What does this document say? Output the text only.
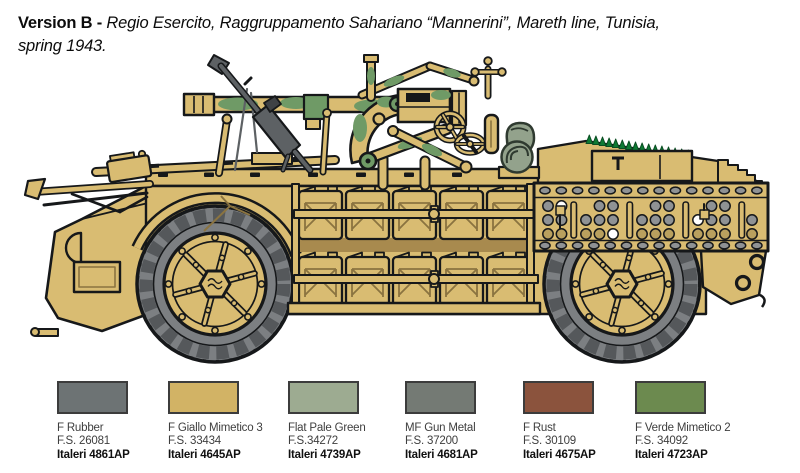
Version B - Regio Esercito, Raggruppamento Sahariano “Mannerini”, Mareth line, Tunisia, spring 1943.

F Rubber
F.S. 26081
Italeri 4861AP
F Giallo Mimetico 3
F.S. 33434
Italeri 4645AP
Flat Pale Green
F.S.34272
Italeri 4739AP
MF Gun Metal
F.S. 37200
Italeri 4681AP
F Rust
F.S. 30109
Italeri 4675AP
F Verde Mimetico 2
F.S. 34092
Italeri 4723AP
